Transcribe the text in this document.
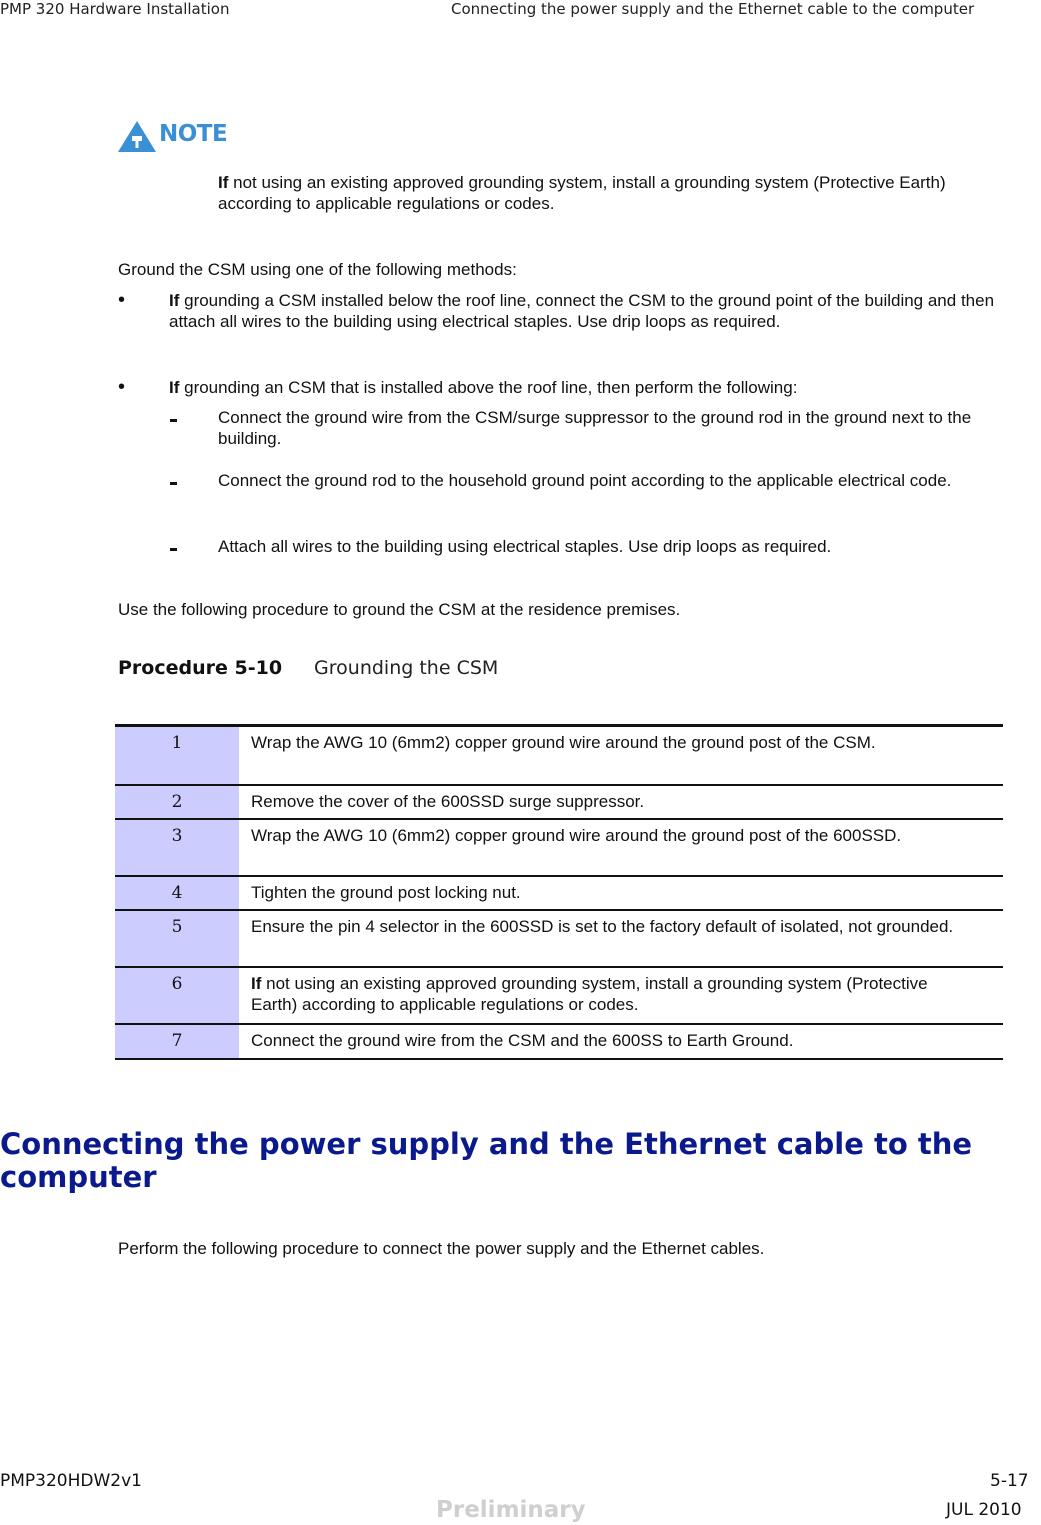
PMP 320 Hardware Installation	Connecting the power supply and the Ethernet cable to the computer
NOTE
If not using an existing approved grounding system, install a grounding system (Protective Earth) according to applicable regulations or codes.
Ground the CSM using one of the following methods:
•	If grounding a CSM installed below the roof line, connect the CSM to the ground point of the building and then attach all wires to the building using electrical staples. Use drip loops as required.
•	If grounding an CSM that is installed above the roof line, then perform the following:
Connect the ground wire from the CSM/surge suppressor to the ground rod in the ground next to the building.
Connect the ground rod to the household ground point according to the applicable electrical code.
Attach all wires to the building using electrical staples. Use drip loops as required.
Use the following procedure to ground the CSM at the residence premises.
Procedure 5-10 Grounding the CSM
1	Wrap the AWG 10 (6mm2) copper ground wire around the ground post of the CSM.
2	Remove the cover of the 600SSD surge suppressor.
3	Wrap the AWG 10 (6mm2) copper ground wire around the ground post of the 600SSD.
4	Tighten the ground post locking nut.
5	Ensure the pin 4 selector in the 600SSD is set to the factory default of isolated, not grounded.
6	If not using an existing approved grounding system, install a grounding system (Protective Earth) according to applicable regulations or codes.
7	Connect the ground wire from the CSM and the 600SS to Earth Ground.
Connecting the power supply and the Ethernet cable to the computer
Perform the following procedure to connect the power supply and the Ethernet cables.
PMP320HDW2v1	5-17
Preliminary	JUL 2010
